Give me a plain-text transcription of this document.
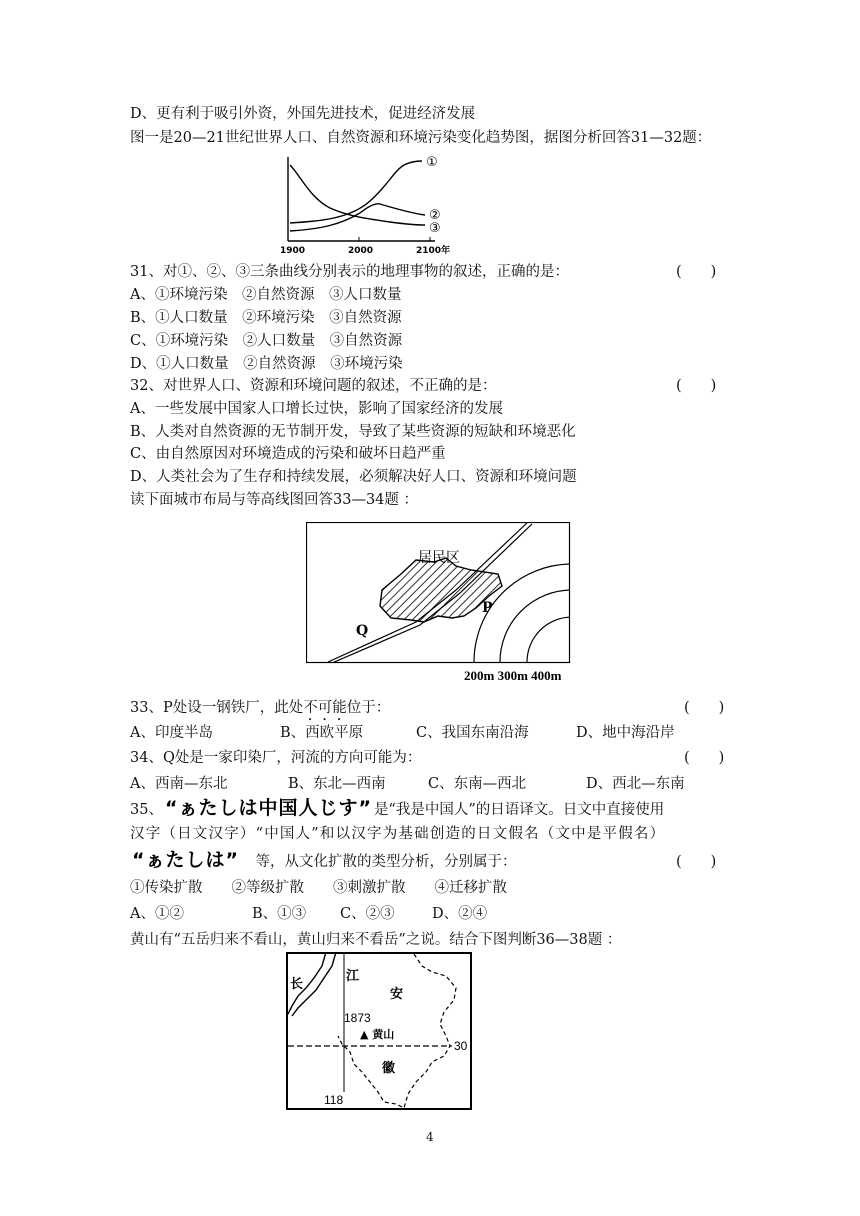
D、更有利于吸引外资，外国先进技术，促进经济发展
图一是20—21世纪世界人口、自然资源和环境污染变化趋势图，据图分析回答31—32题：
①
②
③
1900	2000	2100年
31、对①、②、③三条曲线分别表示的地理事物的叙述，正确的是：	(　　)
A、①环境污染　②自然资源　③人口数量
B、①人口数量　②环境污染　③自然资源
C、①环境污染　②人口数量　③自然资源
D、①人口数量　②自然资源　③环境污染
32、对世界人口、资源和环境问题的叙述，不正确的是：	(　　)
A、一些发展中国家人口增长过快，影响了国家经济的发展
B、人类对自然资源的无节制开发，导致了某些资源的短缺和环境恶化
C、由自然原因对环境造成的污染和破坏日趋严重
D、人类社会为了生存和持续发展，必须解决好人口、资源和环境问题
读下面城市布局与等高线图回答33—34题 ：
居民区
P
Q
200m 300m 400m
33、P处设一钢铁厂，此处不可能位于：	(　　)
A、印度半岛	B、西欧平原	C、我国东南沿海	D、地中海沿岸
34、Q处是一家印染厂，河流的方向可能为：	(　　)
A、西南—东北	B、东北—西南	C、东南—西北	D、西北—东南
35、 “ぁたしは中国人じす” 是“我是中国人”的日语译文。日文中直接使用
汉字（日文汉字）“中国人”和以汉字为基础创造的日文假名（文中是平假名）
“ぁたしは”　 等，从文化扩散的类型分析，分别属于：	(　　)
①传染扩散　　②等级扩散　　③刺激扩散　　④迁移扩散
A、①②	B、①③ C、②③	D、②④
黄山有“五岳归来不看山，黄山归来不看岳”之说。结合下图判断36—38题 ：
长
江
安
1873
▲ 黄山
徽
30
118
4
